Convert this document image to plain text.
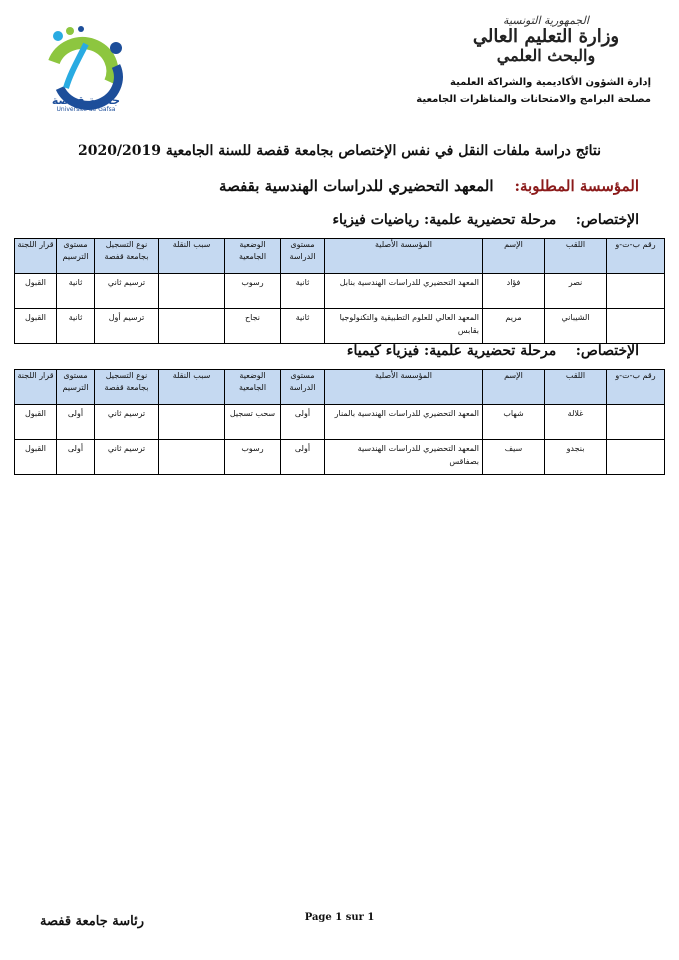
جامعة قفصة
Université de Gafsa
الجمهورية التونسية
وزارة التعليم العالي
والبحث العلمي
إدارة الشؤون الأكاديمية والشراكة العلمية
مصلحة البرامج والامتحانات والمناظرات الجامعية
نتائج دراسة ملفات النقل في نفس الإختصاص بجامعة قفصة للسنة الجامعية 2020/2019
المؤسسة المطلوبة:    المعهد التحضيري للدراسات الهندسية بقفصة
الإختصاص:    مرحلة تحضيرية علمية: رياضيات فيزياء
رقم ب-ت-و	اللقب	الإسم	المؤسسة الأصلية	مستوى الدراسة	الوضعية الجامعية	سبب النقلة	نوع التسجيل بجامعة قفصة	مستوى الترسيم	قرار اللجنة
	نصر	فؤاد	المعهد التحضيري للدراسات الهندسية بنابل	ثانية	رسوب		ترسيم ثاني	ثانية	القبول
	الشيباني	مريم	المعهد العالي للعلوم التطبيقية والتكنولوجيا بقابس	ثانية	نجاح		ترسيم أول	ثانية	القبول
الإختصاص:    مرحلة تحضيرية علمية: فيزياء كيمياء
رقم ب-ت-و	اللقب	الإسم	المؤسسة الأصلية	مستوى الدراسة	الوضعية الجامعية	سبب النقلة	نوع التسجيل بجامعة قفصة	مستوى الترسيم	قرار اللجنة
	غلالة	شهاب	المعهد التحضيري للدراسات الهندسية بالمنار	أولى	سحب تسجيل		ترسيم ثاني	أولى	القبول
	بنجدو	سيف	المعهد التحضيري للدراسات الهندسية بصفاقس	أولى	رسوب		ترسيم ثاني	أولى	القبول
Page 1 sur 1
رئاسة جامعة قفصة
